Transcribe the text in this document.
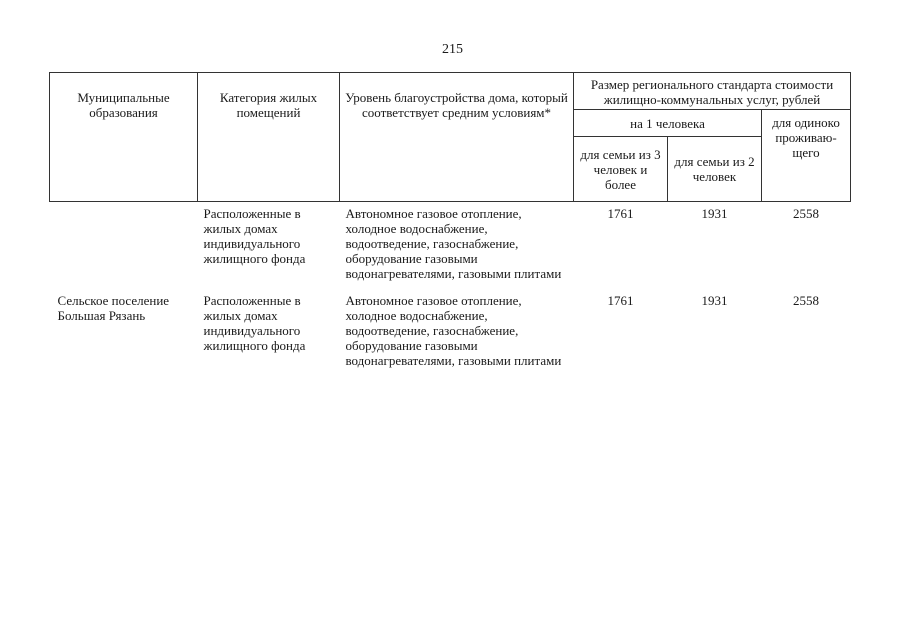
215
Муниципальные образования	Категория жилых помещений	Уровень благоустройства дома, который соответствует средним условиям*	Размер регионального стандарта стоимости жилищно-коммунальных услуг, рублей		
			на 1 человека		для одиноко проживаю-щего
			для семьи из 3 человек и более	для семьи из 2 человек	
	Расположенные в жилых домах индивидуального жилищного фонда	Автономное газовое отопление, холодное водоснабжение, водоотведение, газоснабжение, оборудование газовыми водонагревателями, газовыми плитами	1761	1931	2558
Сельское поселение Большая Рязань	Расположенные в жилых домах индивидуального жилищного фонда	Автономное газовое отопление, холодное водоснабжение, водоотведение, газоснабжение, оборудование газовыми водонагревателями, газовыми плитами	1761	1931	2558
